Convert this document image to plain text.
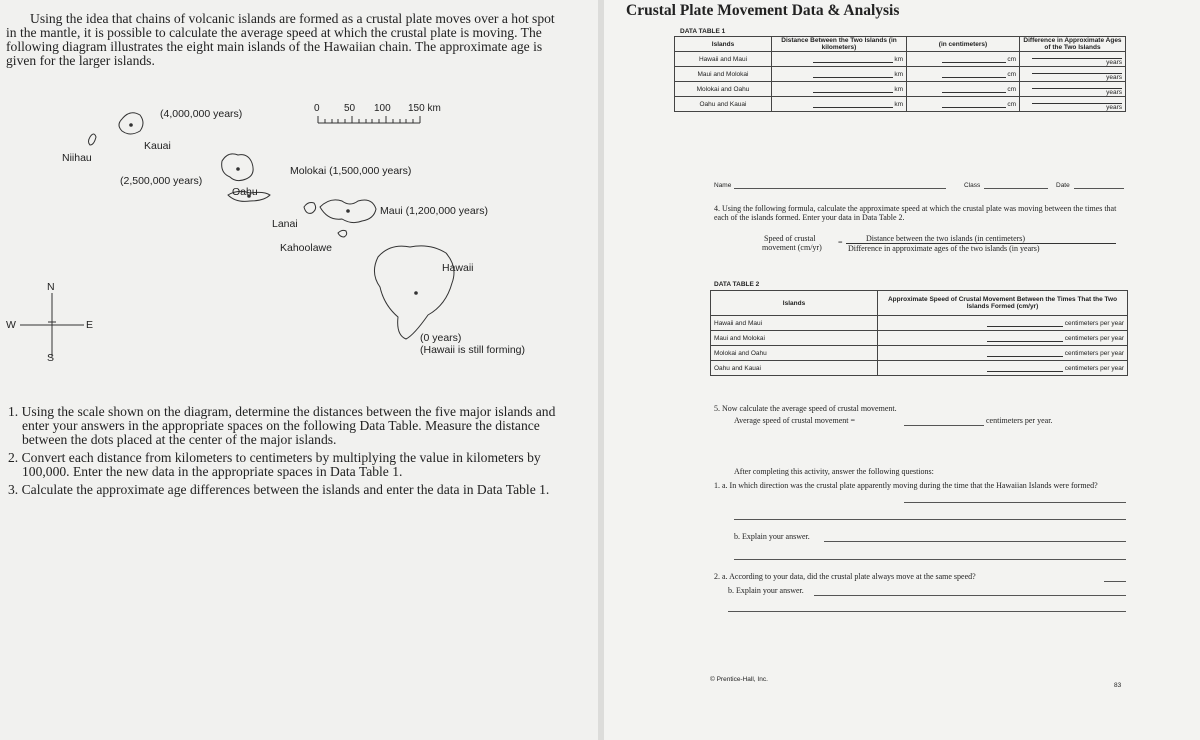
Using the idea that chains of volcanic islands are formed as a crustal plate moves over a hot spot in the mantle, it is possible to calculate the average speed at which the crustal plate is moving. The following diagram illustrates the eight main islands of the Hawaiian chain. The approximate age is given for the larger islands.
(4,000,000 years)
Kauai
Niihau
(2,500,000 years)
Oahu
Molokai (1,500,000 years)
Lanai
Maui (1,200,000 years)
Kahoolawe
Hawaii
(0 years)
(Hawaii is still forming)
0 50 100 150 km
N
S
E
W
1. Using the scale shown on the diagram, determine the distances between the five major islands and enter your answers in the appropriate spaces on the following Data Table. Measure the distance between the dots placed at the center of the major islands.
2. Convert each distance from kilometers to centimeters by multiplying the value in kilometers by 100,000. Enter the new data in the appropriate spaces in Data Table 1.
3. Calculate the approximate age differences between the islands and enter the data in Data Table 1.
Crustal Plate Movement Data & Analysis
DATA TABLE 1
Islands	Distance Between the Two Islands (in kilometers)	(in centimeters)	Difference in Approximate Ages of the Two Islands
Hawaii and Maui	km	cm	years
Maui and Molokai	km	cm	years
Molokai and Oahu	km	cm	years
Oahu and Kauai	km	cm	years
Name	Class	Date
4. Using the following formula, calculate the approximate speed at which the crustal plate was moving between the times that each of the islands formed. Enter your data in Data Table 2.
Speed of crustal
movement (cm/yr)
=	Distance between the two islands (in centimeters)
Difference in approximate ages of the two islands (in years)
DATA TABLE 2
Islands	Approximate Speed of Crustal Movement Between the Times That the Two Islands Formed (cm/yr)
Hawaii and Maui	centimeters per year
Maui and Molokai	centimeters per year
Molokai and Oahu	centimeters per year
Oahu and Kauai	centimeters per year
5. Now calculate the average speed of crustal movement.
Average speed of crustal movement =	centimeters per year.
After completing this activity, answer the following questions:
1. a. In which direction was the crustal plate apparently moving during the time that the Hawaiian Islands were formed?
b. Explain your answer.
2. a. According to your data, did the crustal plate always move at the same speed?
b. Explain your answer.
© Prentice-Hall, Inc.
83
